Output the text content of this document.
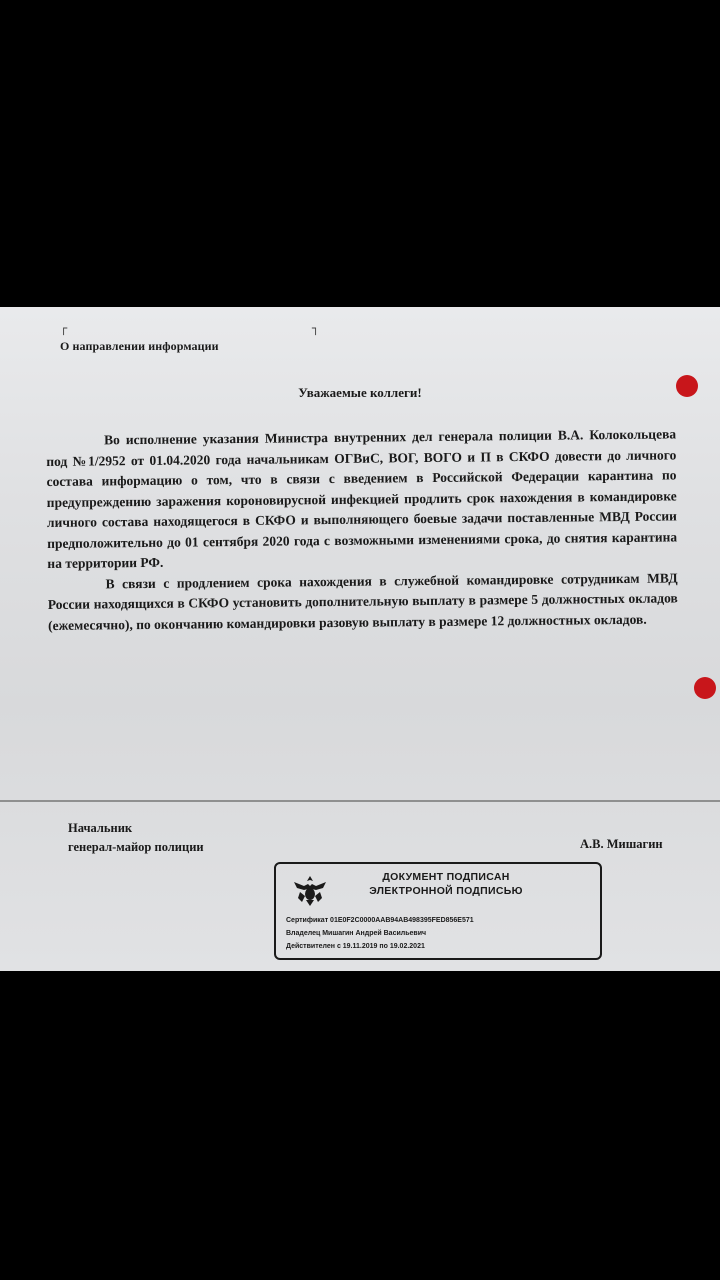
┌	┐
О направлении информации
Уважаемые коллеги!

Во исполнение указания Министра внутренних дел генерала полиции В.А. Колокольцева под №1/2952 от 01.04.2020 года начальникам ОГВиС, ВОГ, ВОГО и П в СКФО довести до личного состава информацию о том, что в связи с введением в Российской Федерации карантина по предупреждению заражения короновирусной инфекцией продлить срок нахождения в командировке личного состава находящегося в СКФО и выполняющего боевые задачи поставленные МВД России предположительно до 01 сентября 2020 года с возможными изменениями срока, до снятия карантина на территории РФ.

В связи с продлением срока нахождения в служебной командировке сотрудникам МВД России находящихся в СКФО установить дополнительную выплату в размере 5 должностных окладов (ежемесячно), по окончанию командировки разовую выплату в размере 12 должностных окладов.

Начальник
генерал-майор полиции	А.В. Мишагин
ДОКУМЕНТ ПОДПИСАН
ЭЛЕКТРОННОЙ ПОДПИСЬЮ
Сертификат 01E0F2C0000AAB94AB498395FED856E571
Владелец Мишагин Андрей Васильевич
Действителен с 19.11.2019 по 19.02.2021
